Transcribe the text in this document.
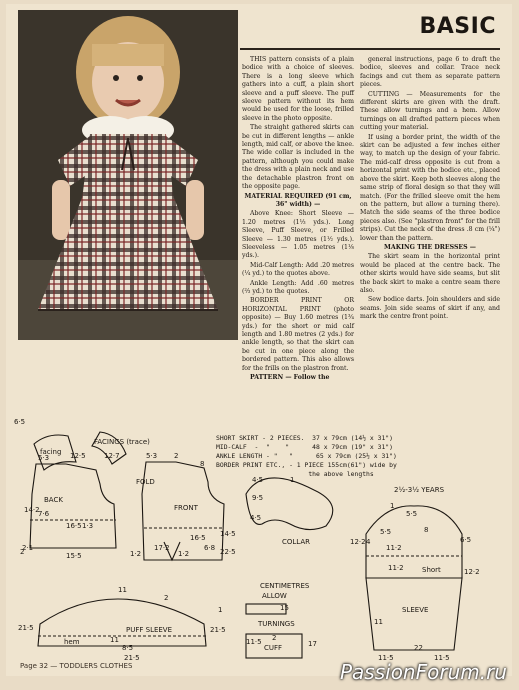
BASIC

THIS pattern consists of a plain bodice with a choice of sleeves. There is a long sleeve which gathers into a cuff, a plain short sleeve and a puff sleeve. The puff sleeve pattern without its hem would be used for the loose, frilled sleeve in the photo opposite.

The straight gathered skirts can be cut in different lengths — ankle length, mid calf, or above the knee. The wide collar is included in the pattern, although you could make the dress with a plain neck and use the detachable plastron front on the opposite page.

MATERIAL REQUIRED (91 cm, 36" width) —

Above Knee: Short Sleeve — 1.20 metres (1⅓ yds.). Long Sleeve, Puff Sleeve, or Frilled Sleeve — 1.30 metres (1½ yds.). Sleeveless — 1.05 metres (1⅛ yds.).

Mid-Calf Length: Add .20 metres (¼ yd.) to the quotes above.

Ankle Length: Add .60 metres (⅔ yd.) to the quotes.

BORDER PRINT OR HORIZONTAL PRINT (photo opposite) — Buy 1.60 metres (1¾ yds.) for the short or mid calf length and 1.80 metres (2 yds.) for ankle length, so that the skirt can be cut in one piece along the bordered pattern. This also allows for the frills on the plastron front.

PATTERN — Follow the

general instructions, page 6 to draft the bodice, sleeves and collar. Trace neck facings and cut them as separate pattern pieces.

CUTTING — Measurements for the different skirts are given with the draft. These allow turnings and a hem. Allow turnings on all drafted pattern pieces when cutting your material.

If using a border print, the width of the skirt can be adjusted a few inches either way, to match up the design of your fabric. The mid-calf dress opposite is cut from a horizontal print with the bodice etc., placed above the skirt. Keep both sleeves along the same strip of floral design so that they will match. (For the frilled sleeve omit the hem on the pattern, but allow a turning there). Match the side seams of the three bodice pieces also. (See "plastron front" for the frill strips). Cut the neck of the dress .8 cm (¼") lower than the pattern.

MAKING THE DRESSES —

The skirt seam in the horizontal print would be placed at the centre back. The other skirts would have side seams, but slit the back skirt to make a centre seam there also.

Sew bodice darts. Join shoulders and side seams. Join side seams of skirt if any, and mark the centre front point.

SHORT SKIRT - 2 PIECES.  37 x 79cm (14½ x 31")
MID-CALF  -  "    "      48 x 79cm (19" x 31")
ANKLE LENGTH - "   "      65 x 79cm (25½ x 31")
BORDER PRINT ETC., - 1 PIECE 155cm(61") wide by
the above lengths
FACINGS (trace)
BACK
facing
FRONT
FOLD
COLLAR
2½-3½ YEARS
Short
SLEEVE
CENTIMETRES
ALLOW
TURNINGS
PUFF SLEEVE
hem
CUFF
5·3	12·5	12·7	5·3 2
8
14·2
7·6
16·5 1·3
2
2·1
15·5	1·2
17·2
1·2
16·5
6·8 22·5
14·5
4·5
9·5
4·5
1
5·5
12·2
11·2
5·5
11·2
6·5
8
12·2
11
11·5
1
4
22
11·5
21·5
11
2
21·5
11
8·5
21·5
1	15
11·5 2
17
6·5
Page 32 — TODDLERS CLOTHES	PassionForum.ru
